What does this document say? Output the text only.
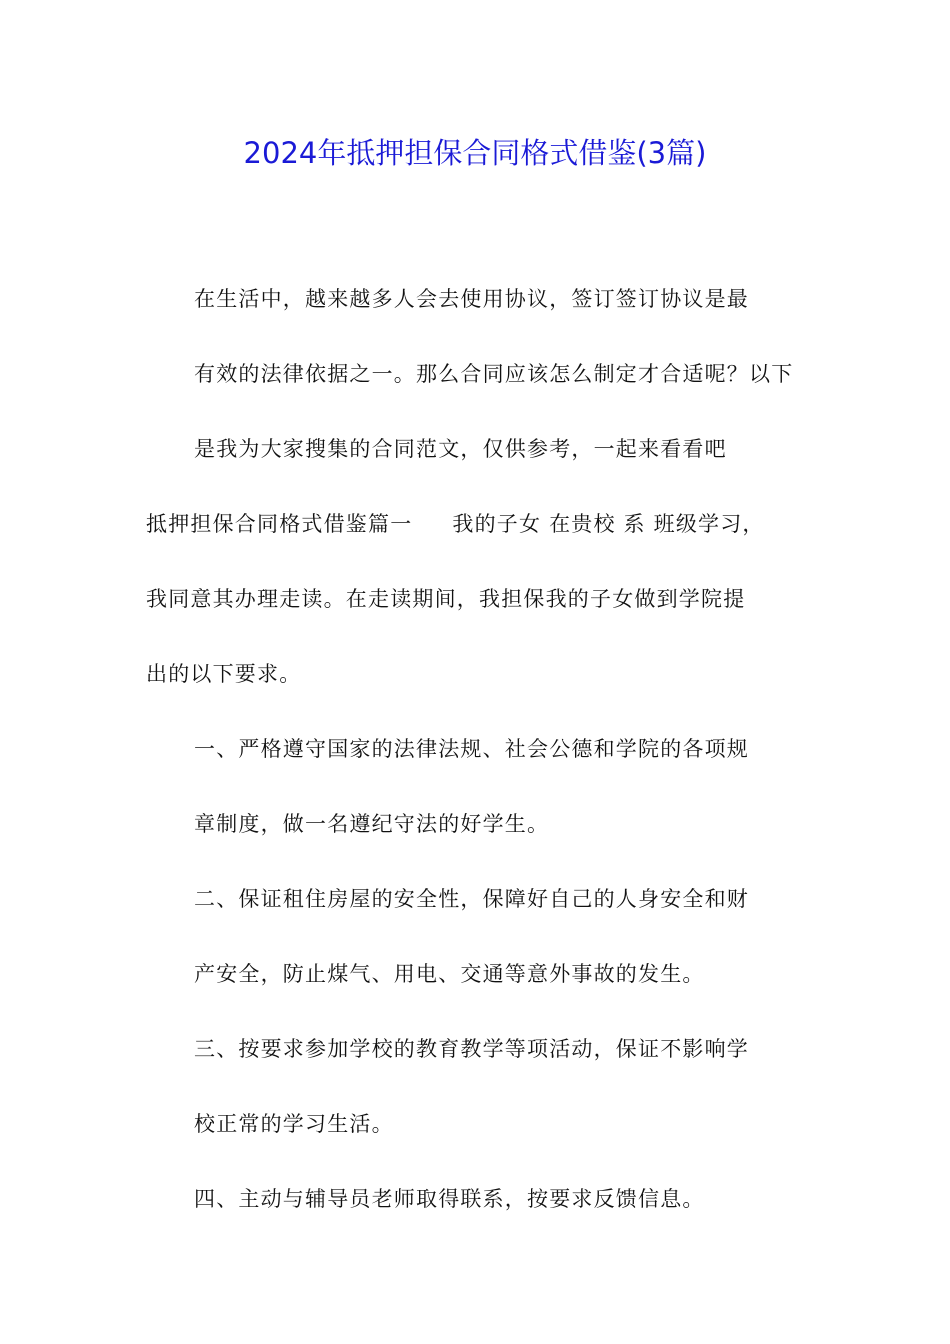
2024年抵押担保合同格式借鉴(3篇)

在生活中，越来越多人会去使用协议，签订签订协议是最
有效的法律依据之一。那么合同应该怎么制定才合适呢？以下
是我为大家搜集的合同范文，仅供参考，一起来看看吧

抵押担保合同格式借鉴篇一 我的子女 在贵校 系 班级学习，
我同意其办理走读。在走读期间，我担保我的子女做到学院提
出的以下要求。

一、严格遵守国家的法律法规、社会公德和学院的各项规
章制度，做一名遵纪守法的好学生。

二、保证租住房屋的安全性，保障好自己的人身安全和财
产安全，防止煤气、用电、交通等意外事故的发生。

三、按要求参加学校的教育教学等项活动，保证不影响学
校正常的学习生活。

四、主动与辅导员老师取得联系，按要求反馈信息。
